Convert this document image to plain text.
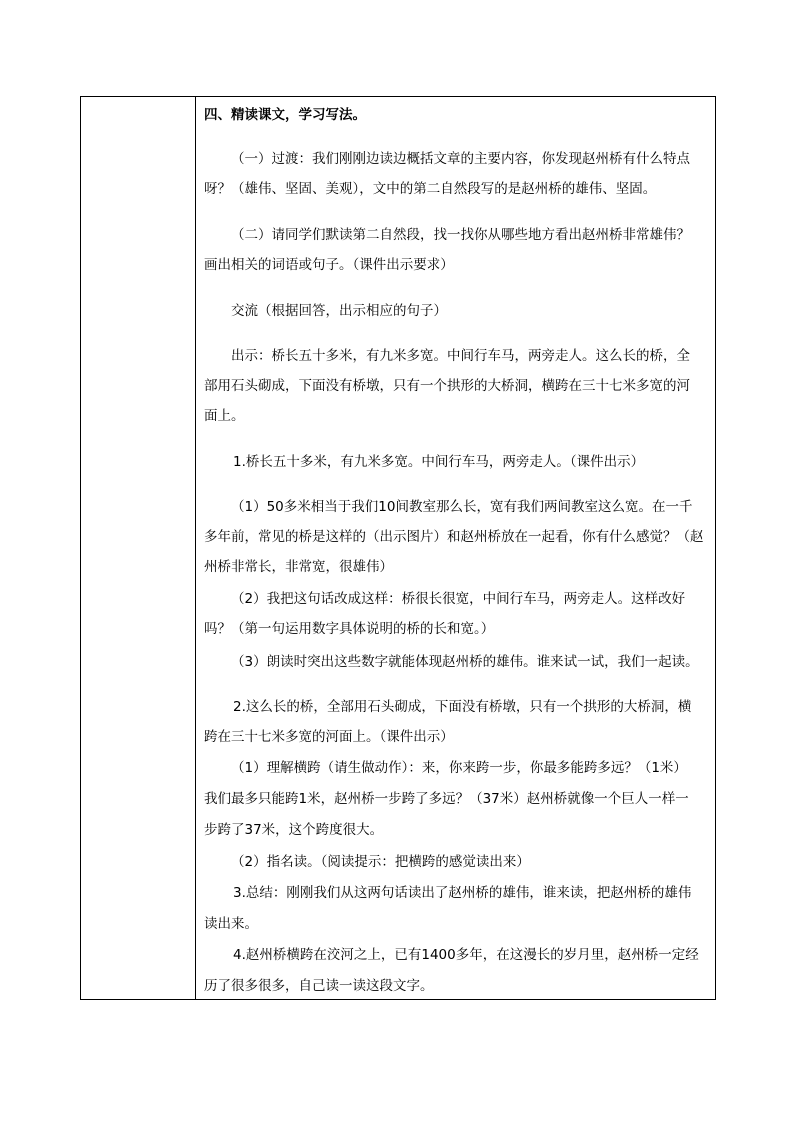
四、精读课文，学习写法。
（一）过渡：我们刚刚边读边概括文章的主要内容，你发现赵州桥有什么特点
呀？（雄伟、坚固、美观），文中的第二自然段写的是赵州桥的雄伟、坚固。
（二）请同学们默读第二自然段，找一找你从哪些地方看出赵州桥非常雄伟？
画出相关的词语或句子。（课件出示要求）
交流（根据回答，出示相应的句子）
出示：桥长五十多米，有九米多宽。中间行车马，两旁走人。这么长的桥，全
部用石头砌成，下面没有桥墩，只有一个拱形的大桥洞，横跨在三十七米多宽的河
面上。
1.桥长五十多米，有九米多宽。中间行车马，两旁走人。（课件出示）
（1）50多米相当于我们10间教室那么长，宽有我们两间教室这么宽。在一千
多年前，常见的桥是这样的（出示图片）和赵州桥放在一起看，你有什么感觉？（赵
州桥非常长，非常宽，很雄伟）
（2）我把这句话改成这样：桥很长很宽，中间行车马，两旁走人。这样改好
吗？（第一句运用数字具体说明的桥的长和宽。）
（3）朗读时突出这些数字就能体现赵州桥的雄伟。谁来试一试，我们一起读。
2.这么长的桥，全部用石头砌成，下面没有桥墩，只有一个拱形的大桥洞，横
跨在三十七米多宽的河面上。（课件出示）
（1）理解横跨（请生做动作）：来，你来跨一步，你最多能跨多远？（1米）
我们最多只能跨1米，赵州桥一步跨了多远？（37米）赵州桥就像一个巨人一样一
步跨了37米，这个跨度很大。
（2）指名读。（阅读提示：把横跨的感觉读出来）
3.总结：刚刚我们从这两句话读出了赵州桥的雄伟，谁来读，把赵州桥的雄伟
读出来。
4.赵州桥横跨在洨河之上，已有1400多年，在这漫长的岁月里，赵州桥一定经
历了很多很多，自己读一读这段文字。
